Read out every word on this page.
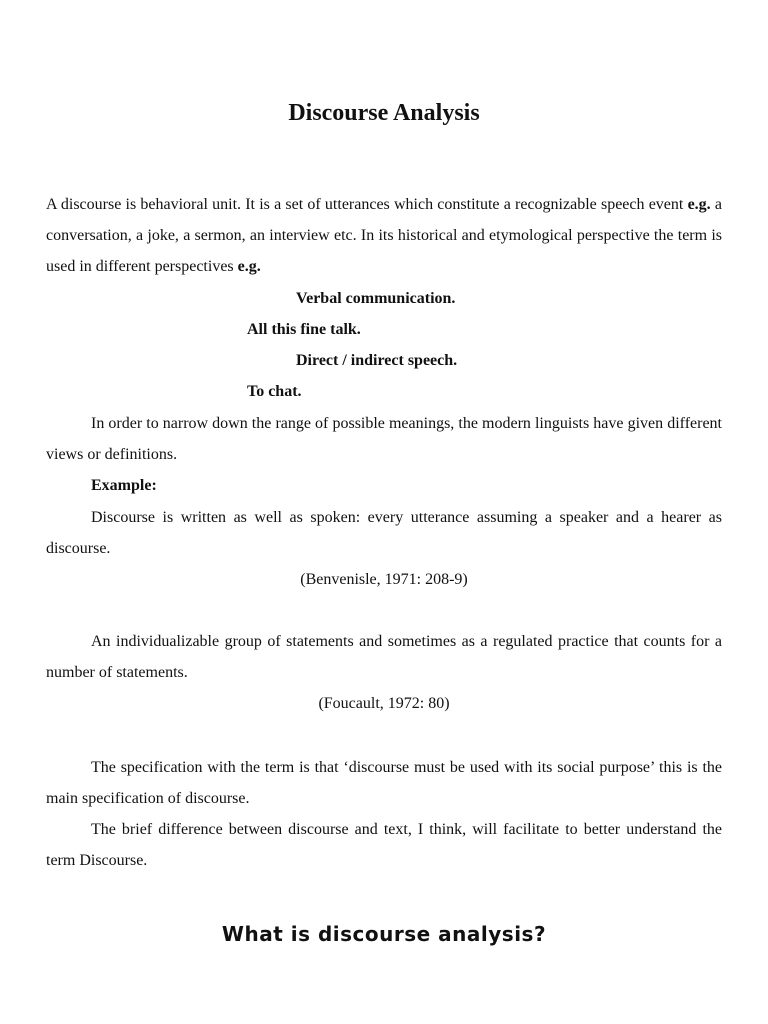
Discourse Analysis

A discourse is behavioral unit. It is a set of utterances which constitute a recognizable speech event e.g. a conversation, a joke, a sermon, an interview etc. In its historical and etymological perspective the term is used in different perspectives e.g.

Verbal communication.

All this fine talk.

Direct / indirect speech.

To chat.

In order to narrow down the range of possible meanings, the modern linguists have given different views or definitions.

Example:

Discourse is written as well as spoken: every utterance assuming a speaker and a hearer as discourse.

(Benvenisle, 1971: 208-9)

An individualizable group of statements and sometimes as a regulated practice that counts for a number of statements.

(Foucault, 1972: 80)

The specification with the term is that ‘discourse must be used with its social purpose’ this is the main specification of discourse.

The brief difference between discourse and text, I think, will facilitate to better understand the term Discourse.

What is discourse analysis?
